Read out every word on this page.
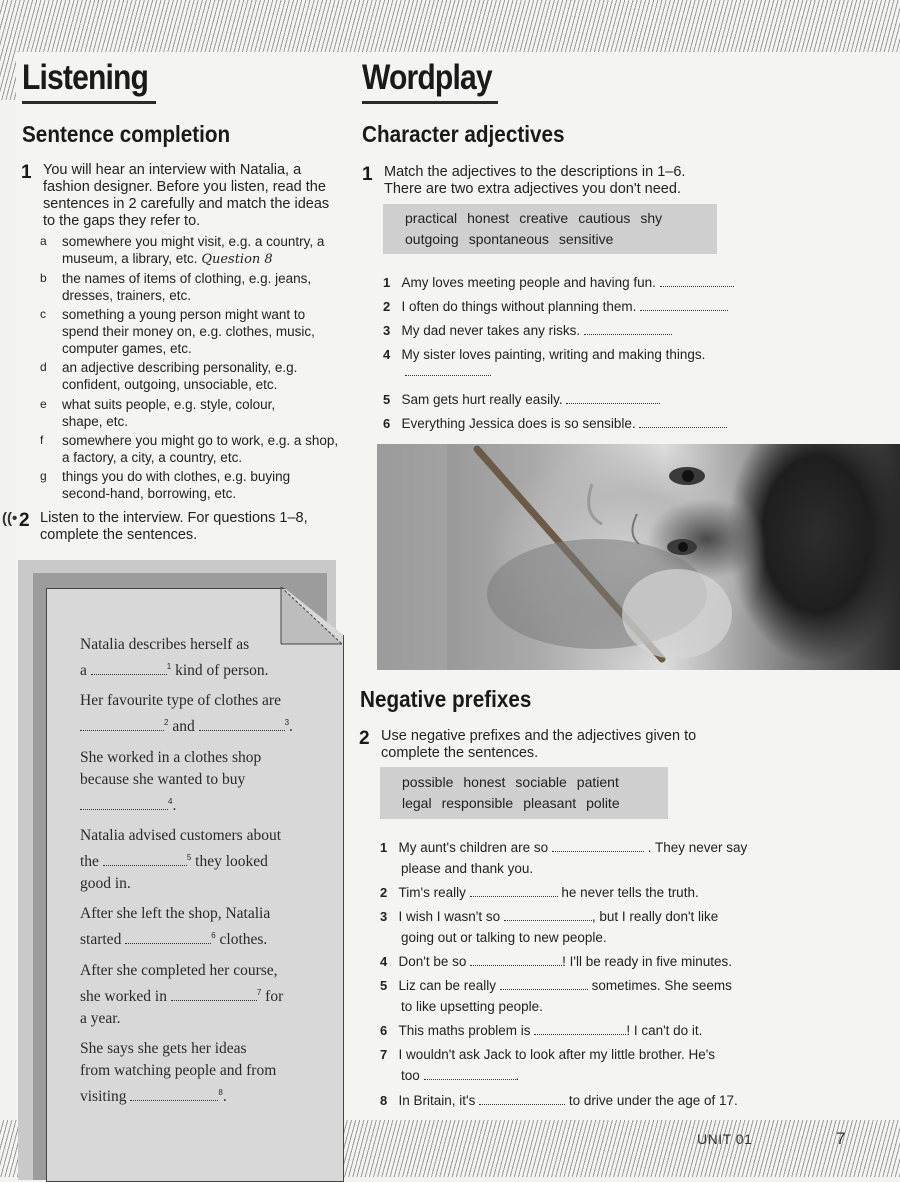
Listening
Sentence completion
1 You will hear an interview with Natalia, a fashion designer. Before you listen, read the sentences in 2 carefully and match the ideas to the gaps they refer to.
a somewhere you might visit, e.g. a country, a museum, a library, etc. Question 8
b the names of items of clothing, e.g. jeans, dresses, trainers, etc.
c something a young person might want to spend their money on, e.g. clothes, music, computer games, etc.
d an adjective describing personality, e.g. confident, outgoing, unsociable, etc.
e what suits people, e.g. style, colour, shape, etc.
f somewhere you might go to work, e.g. a shop, a factory, a city, a country, etc.
g things you do with clothes, e.g. buying second-hand, borrowing, etc.
((• 2 Listen to the interview. For questions 1–8, complete the sentences.
Natalia describes herself as
a	$^1$ kind of person.
Her favourite type of clothes are
$^2$ and	$^3$.
She worked in a clothes shop
because she wanted to buy
$^4$.
Natalia advised customers about
the	$^5$ they looked
good in.
After she left the shop, Natalia
started	$^6$ clothes.
After she completed her course,
she worked in	$^7$ for
a year.
She says she gets her ideas
from watching people and from
visiting	$^8$.
Wordplay
Character adjectives
1 Match the adjectives to the descriptions in 1–6. There are two extra adjectives you don't need.
practical honest creative cautious shy
outgoing spontaneous sensitive
1 Amy loves meeting people and having fun.
2 I often do things without planning them.
3 My dad never takes any risks.
4 My sister loves painting, writing and making things.
5 Sam gets hurt really easily.
6 Everything Jessica does is so sensible.
Negative prefixes
2 Use negative prefixes and the adjectives given to complete the sentences.
possible honest sociable patient
legal responsible pleasant polite
1 My aunt's children are so	. They never say
please and thank you.
2 Tim's really	he never tells the truth.
3 I wish I wasn't so	, but I really don't like
going out or talking to new people.
4 Don't be so	! I'll be ready in five minutes.
5 Liz can be really	sometimes. She seems
to like upsetting people.
6 This maths problem is	! I can't do it.
7 I wouldn't ask Jack to look after my little brother. He's
too	.
8 In Britain, it's	to drive under the age of 17.
UNIT 01	7
